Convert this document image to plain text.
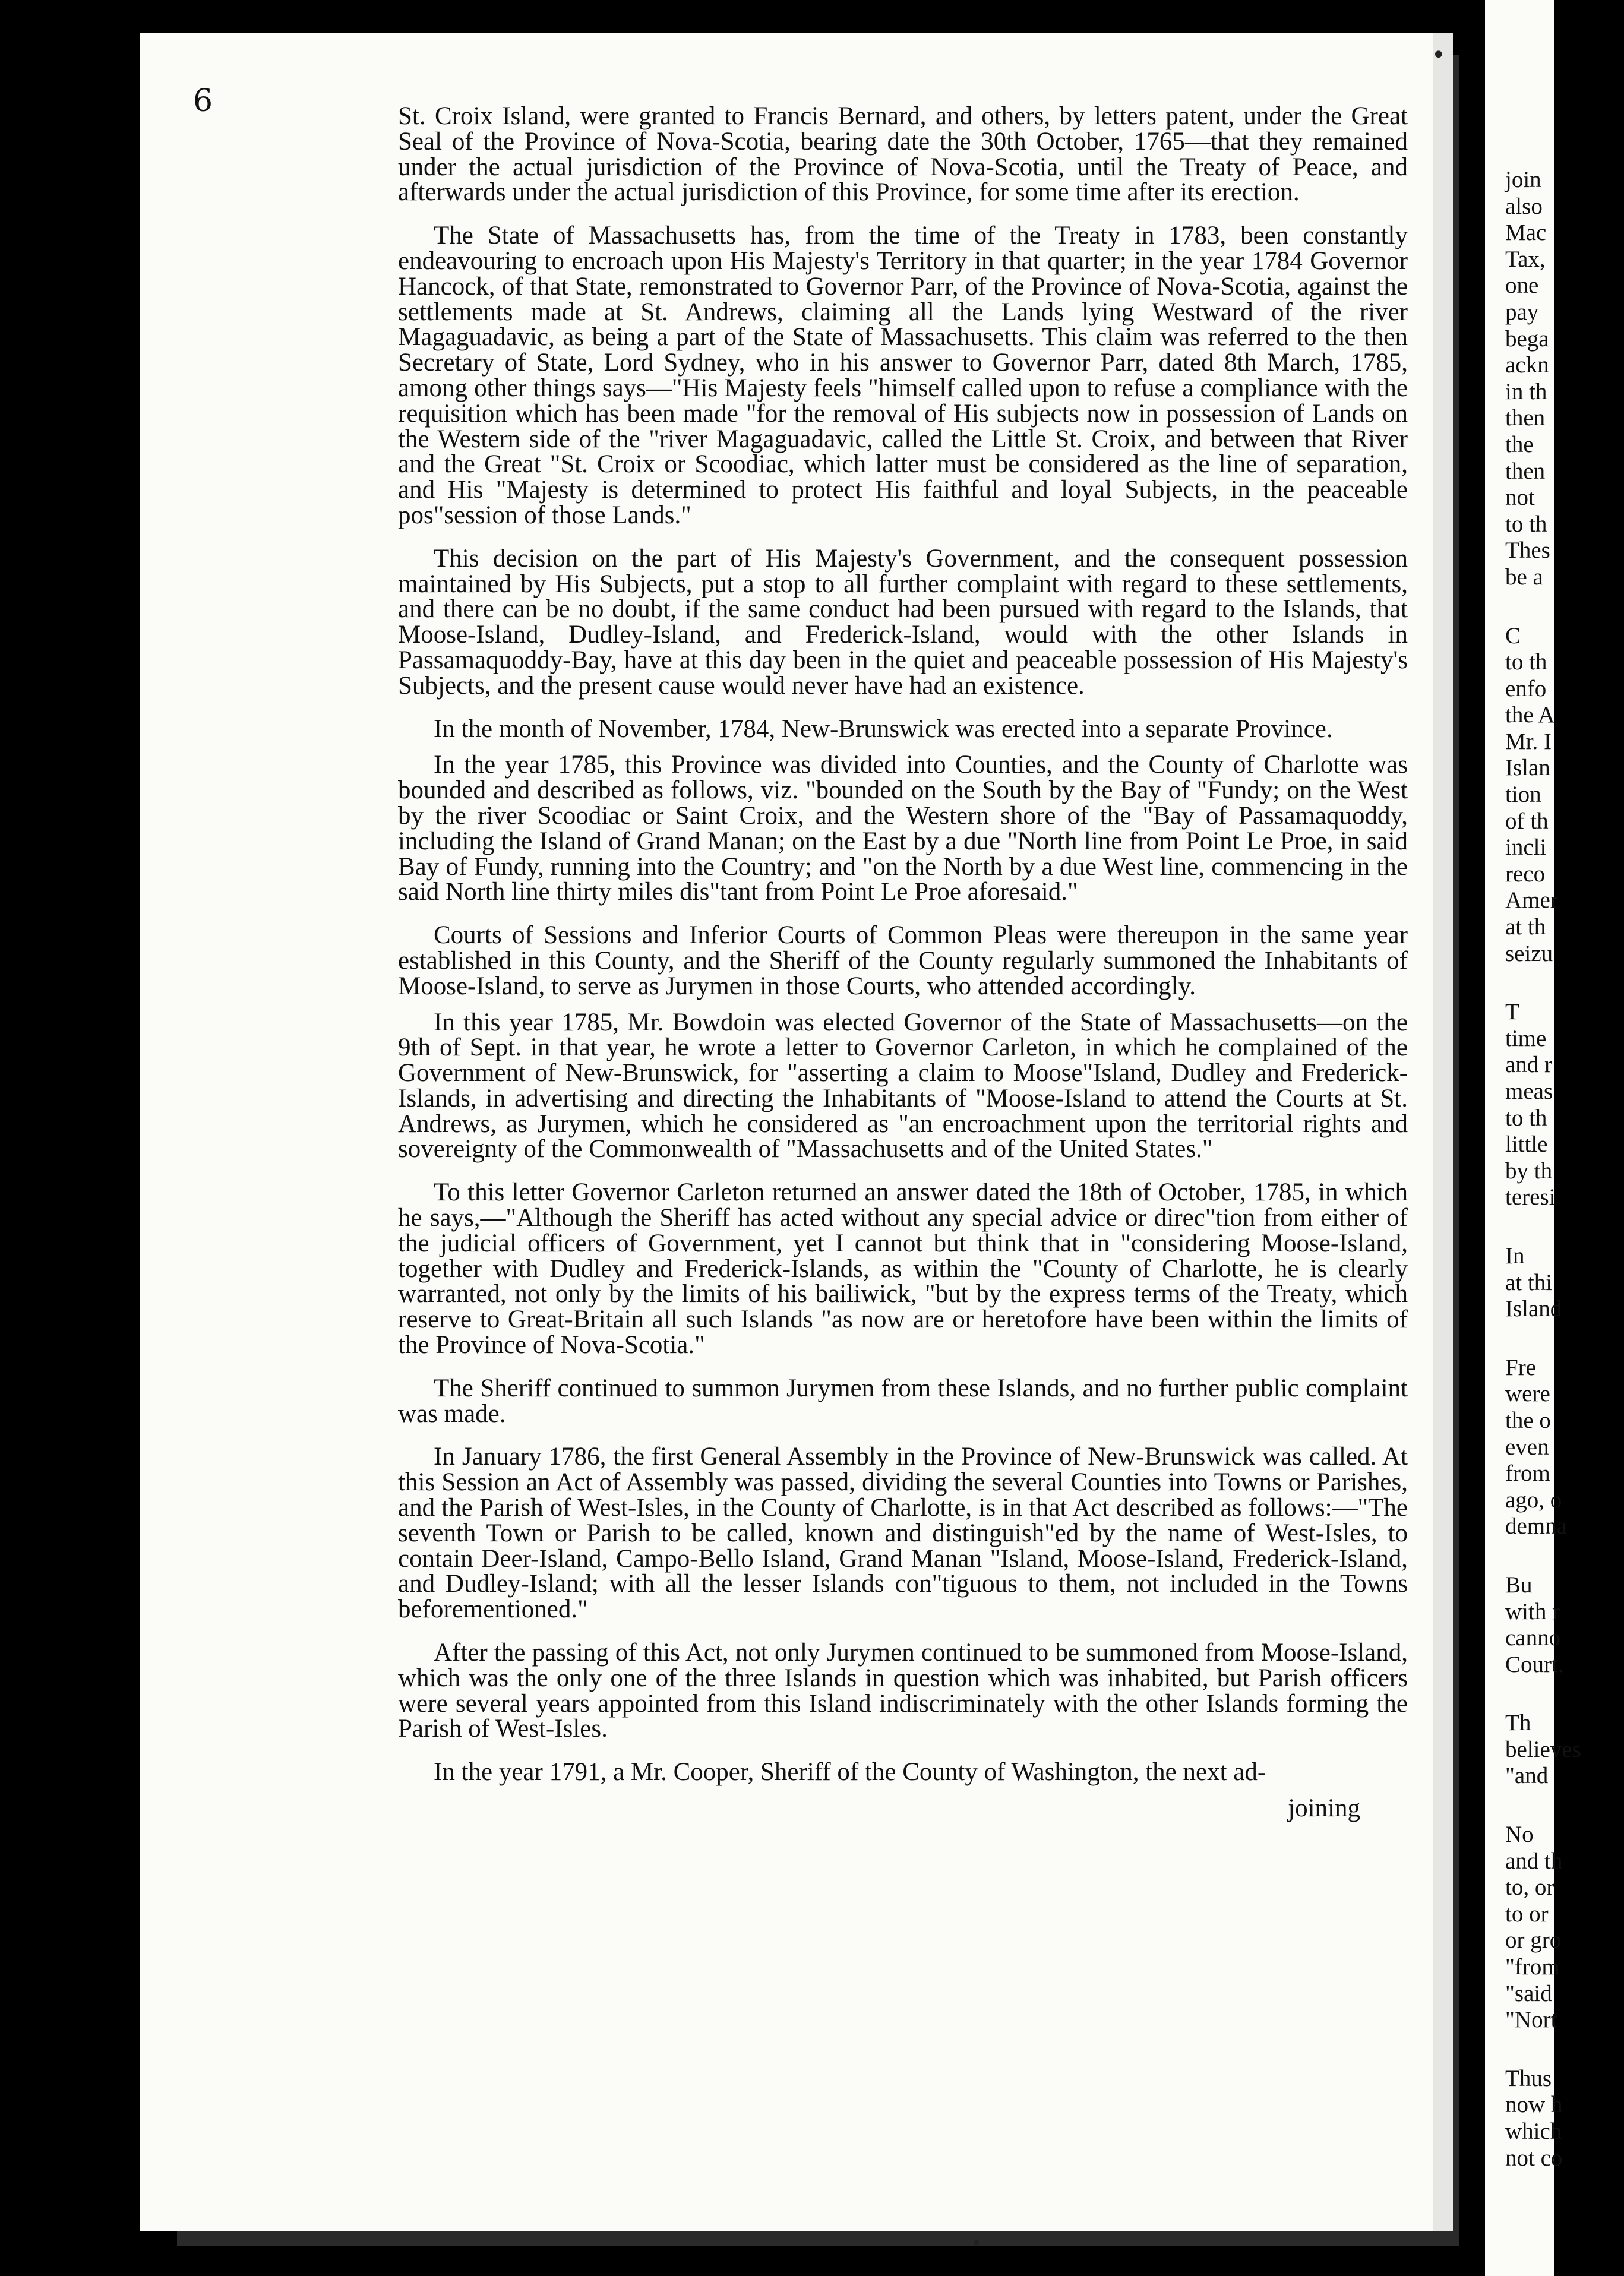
6	St. Croix Island, were granted to Francis Bernard, and others, by letters patent, under the Great Seal of the Province of Nova-Scotia, bearing date the 30th October, 1765—that they remained under the actual jurisdiction of the Province of Nova-Scotia, until the Treaty of Peace, and afterwards under the actual jurisdiction of this Province, for some time after its erection.

The State of Massachusetts has, from the time of the Treaty in 1783, been constantly endeavouring to encroach upon His Majesty's Territory in that quarter; in the year 1784 Governor Hancock, of that State, remonstrated to Governor Parr, of the Province of Nova-Scotia, against the settlements made at St. Andrews, claiming all the Lands lying Westward of the river Magaguadavic, as being a part of the State of Massachusetts. This claim was referred to the then Secretary of State, Lord Sydney, who in his answer to Governor Parr, dated 8th March, 1785, among other things says—"His Majesty feels "himself called upon to refuse a compliance with the requisition which has been made "for the removal of His subjects now in possession of Lands on the Western side of the "river Magaguadavic, called the Little St. Croix, and between that River and the Great "St. Croix or Scoodiac, which latter must be considered as the line of separation, and His "Majesty is determined to protect His faithful and loyal Subjects, in the peaceable pos"session of those Lands."

This decision on the part of His Majesty's Government, and the consequent possession maintained by His Subjects, put a stop to all further complaint with regard to these settlements, and there can be no doubt, if the same conduct had been pursued with regard to the Islands, that Moose-Island, Dudley-Island, and Frederick-Island, would with the other Islands in Passamaquoddy-Bay, have at this day been in the quiet and peaceable possession of His Majesty's Subjects, and the present cause would never have had an existence.

In the month of November, 1784, New-Brunswick was erected into a separate Province.

In the year 1785, this Province was divided into Counties, and the County of Charlotte was bounded and described as follows, viz. "bounded on the South by the Bay of "Fundy; on the West by the river Scoodiac or Saint Croix, and the Western shore of the "Bay of Passamaquoddy, including the Island of Grand Manan; on the East by a due "North line from Point Le Proe, in said Bay of Fundy, running into the Country; and "on the North by a due West line, commencing in the said North line thirty miles dis"tant from Point Le Proe aforesaid."

Courts of Sessions and Inferior Courts of Common Pleas were thereupon in the same year established in this County, and the Sheriff of the County regularly summoned the Inhabitants of Moose-Island, to serve as Jurymen in those Courts, who attended accordingly.

In this year 1785, Mr. Bowdoin was elected Governor of the State of Massachusetts—on the 9th of Sept. in that year, he wrote a letter to Governor Carleton, in which he complained of the Government of New-Brunswick, for "asserting a claim to Moose"Island, Dudley and Frederick-Islands, in advertising and directing the Inhabitants of "Moose-Island to attend the Courts at St. Andrews, as Jurymen, which he considered as "an encroachment upon the territorial rights and sovereignty of the Commonwealth of "Massachusetts and of the United States."

To this letter Governor Carleton returned an answer dated the 18th of October, 1785, in which he says,—"Although the Sheriff has acted without any special advice or direc"tion from either of the judicial officers of Government, yet I cannot but think that in "considering Moose-Island, together with Dudley and Frederick-Islands, as within the "County of Charlotte, he is clearly warranted, not only by the limits of his bailiwick, "but by the express terms of the Treaty, which reserve to Great-Britain all such Islands "as now are or heretofore have been within the limits of the Province of Nova-Scotia."

The Sheriff continued to summon Jurymen from these Islands, and no further public complaint was made.

In January 1786, the first General Assembly in the Province of New-Brunswick was called. At this Session an Act of Assembly was passed, dividing the several Counties into Towns or Parishes, and the Parish of West-Isles, in the County of Charlotte, is in that Act described as follows:—"The seventh Town or Parish to be called, known and distinguish"ed by the name of West-Isles, to contain Deer-Island, Campo-Bello Island, Grand Manan "Island, Moose-Island, Frederick-Island, and Dudley-Island; with all the lesser Islands con"tiguous to them, not included in the Towns beforementioned."

After the passing of this Act, not only Jurymen continued to be summoned from Moose-Island, which was the only one of the three Islands in question which was inhabited, but Parish officers were several years appointed from this Island indiscriminately with the other Islands forming the Parish of West-Isles.

In the year 1791, a Mr. Cooper, Sheriff of the County of Washington, the next ad-

joining

•
•
join
also
Mac
Tax,
one
pay
bega
ackn
in th
then
the
then
not
to th
Thes
be a
C
to th
enfo
the A
Mr. I
Islan
tion
of th
incli
reco
Amer
at th
seizu
T
time
and r
meas
to th
little
by th
teresi
In
at thi
Island
Fre
were
the o
even
from
ago, o
demna
Bu
with r
canno
Court.
Th
believes
"and
No
and th
to, or
to or
or gro
"from
"said
"Nort
Thus
now h
which
not co
